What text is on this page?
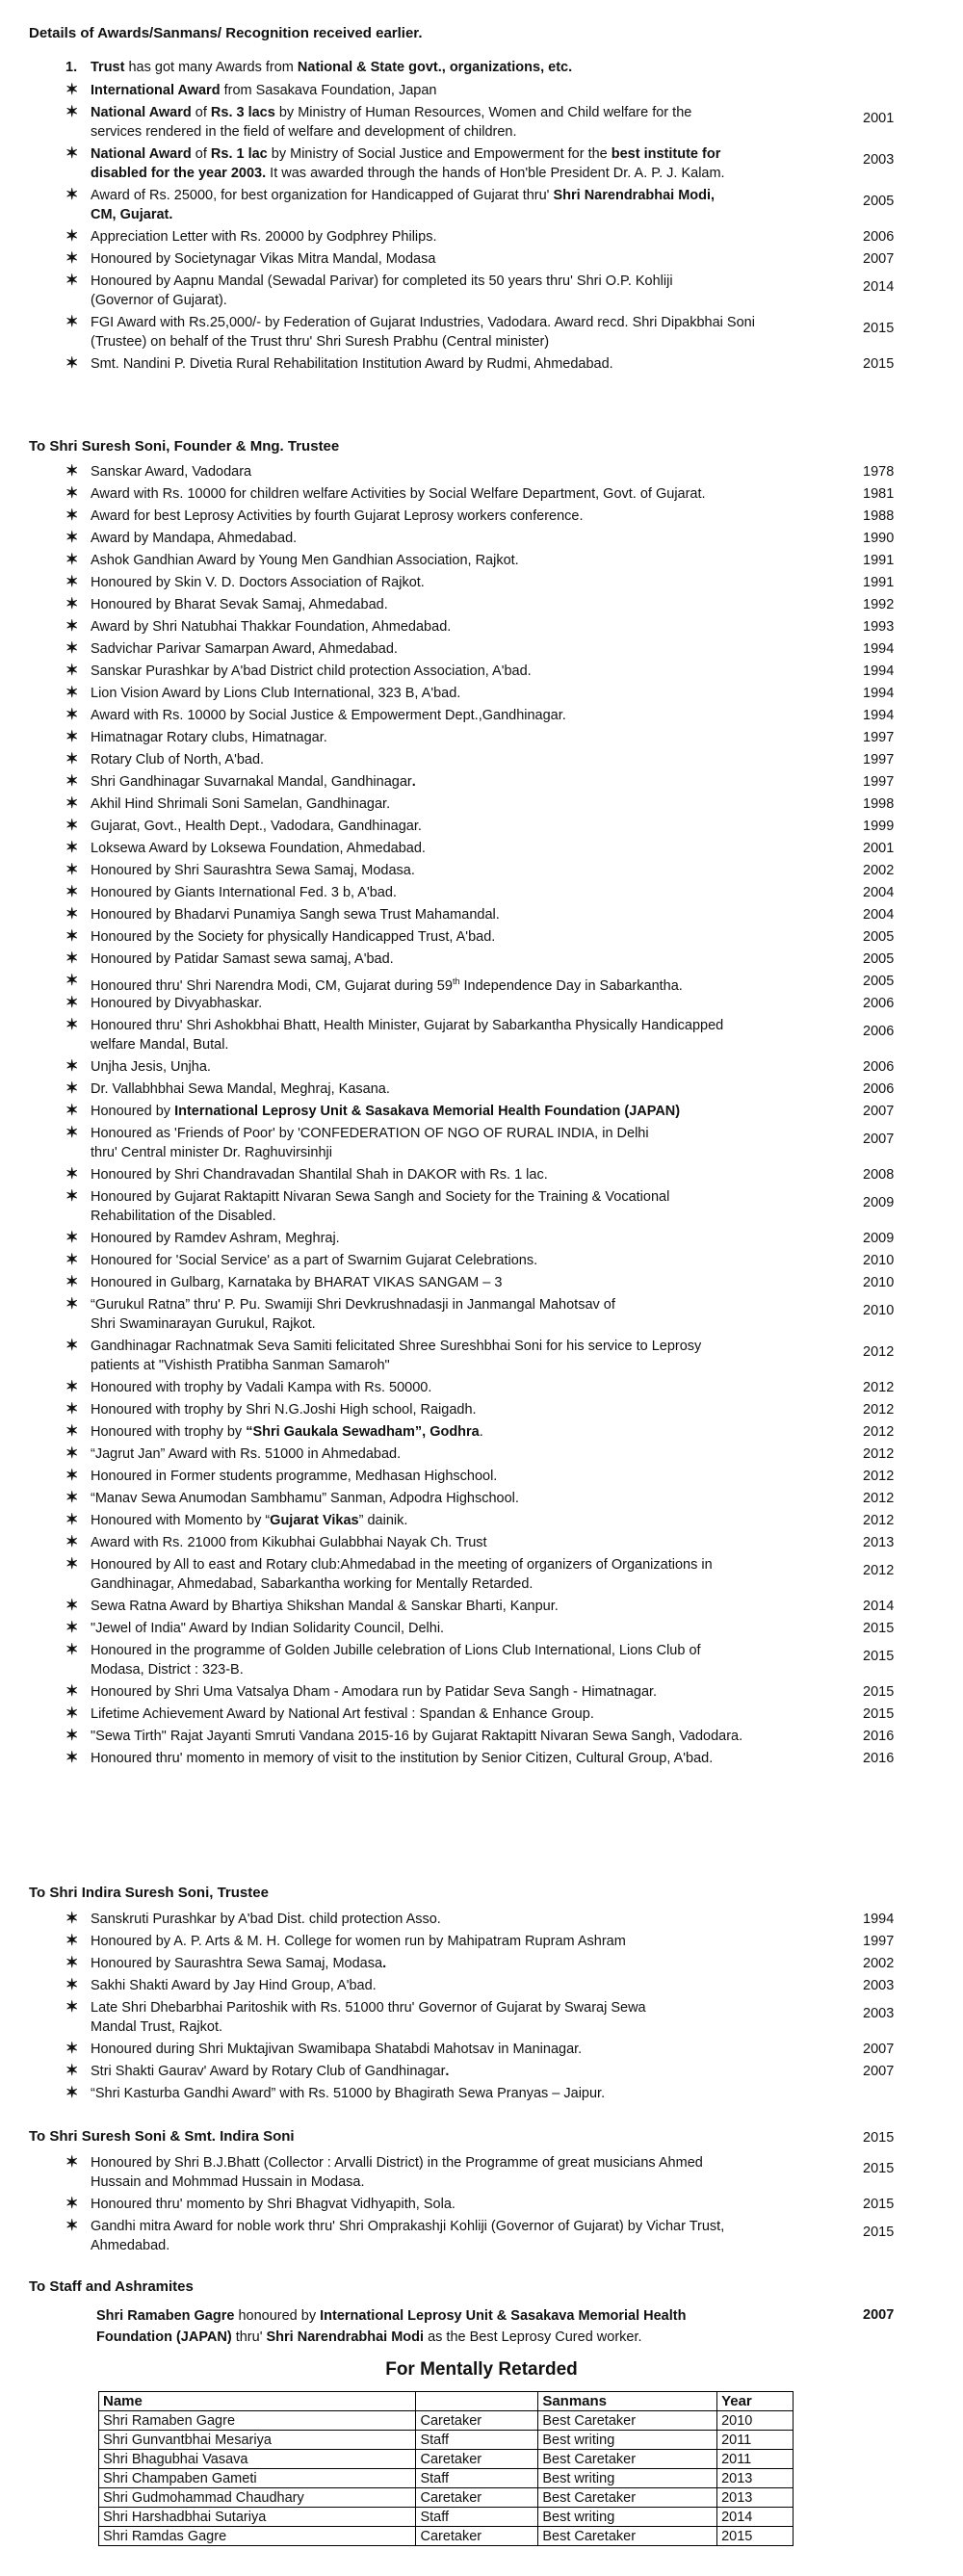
Details of Awards/Sanmans/ Recognition received earlier.
1. Trust has got many Awards from National & State govt., organizations, etc.
✶ International Award from Sasakava Foundation, Japan
✶ National Award of Rs. 3 lacs by Ministry of Human Resources, Women and Child welfare for the
services rendered in the field of welfare and development of children.
2001
✶ National Award of Rs. 1 lac by Ministry of Social Justice and Empowerment for the best institute for
disabled for the year 2003. It was awarded through the hands of Hon'ble President Dr. A. P. J. Kalam.
2003
✶ Award of Rs. 25000, for best organization for Handicapped of Gujarat thru' Shri Narendrabhai Modi,
CM, Gujarat.
2005
✶ Appreciation Letter with Rs. 20000 by Godphrey Philips.	2006
✶ Honoured by Societynagar Vikas Mitra Mandal, Modasa	2007
✶ Honoured by Aapnu Mandal (Sewadal Parivar) for completed its 50 years thru' Shri O.P. Kohliji
(Governor of Gujarat).
2014
✶ FGI Award with Rs.25,000/- by Federation of Gujarat Industries, Vadodara. Award recd. Shri Dipakbhai Soni
(Trustee) on behalf of the Trust thru' Shri Suresh Prabhu (Central minister)
2015
✶ Smt. Nandini P. Divetia Rural Rehabilitation Institution Award by Rudmi, Ahmedabad.	2015
To Shri Suresh Soni, Founder & Mng. Trustee
✶ Sanskar Award, Vadodara	1978
✶ Award with Rs. 10000 for children welfare Activities by Social Welfare Department, Govt. of Gujarat.	1981
✶ Award for best Leprosy Activities by fourth Gujarat Leprosy workers conference.	1988
✶ Award by Mandapa, Ahmedabad.	1990
✶ Ashok Gandhian Award by Young Men Gandhian Association, Rajkot.	1991
✶ Honoured by Skin V. D. Doctors Association of Rajkot.	1991
✶ Honoured by Bharat Sevak Samaj, Ahmedabad.	1992
✶ Award by Shri Natubhai Thakkar Foundation, Ahmedabad.	1993
✶ Sadvichar Parivar Samarpan Award, Ahmedabad.	1994
✶ Sanskar Purashkar by A'bad District child protection Association, A'bad.	1994
✶ Lion Vision Award by Lions Club International, 323 B, A'bad.	1994
✶ Award with Rs. 10000 by Social Justice & Empowerment Dept.,Gandhinagar.	1994
✶ Himatnagar Rotary clubs, Himatnagar.	1997
✶ Rotary Club of North, A'bad.	1997
✶ Shri Gandhinagar Suvarnakal Mandal, Gandhinagar.	1997
✶ Akhil Hind Shrimali Soni Samelan, Gandhinagar.	1998
✶ Gujarat, Govt., Health Dept., Vadodara, Gandhinagar.	1999
✶ Loksewa Award by Loksewa Foundation, Ahmedabad.	2001
✶ Honoured by Shri Saurashtra Sewa Samaj, Modasa.	2002
✶ Honoured by Giants International Fed. 3 b, A'bad.	2004
✶ Honoured by Bhadarvi Punamiya Sangh sewa Trust Mahamandal.	2004
✶ Honoured by the Society for physically Handicapped Trust, A'bad.	2005
✶ Honoured by Patidar Samast sewa samaj, A'bad.	2005
✶ Honoured thru' Shri Narendra Modi, CM, Gujarat during 59th Independence Day in Sabarkantha.	2005
✶ Honoured by Divyabhaskar.	2006
✶ Honoured thru' Shri Ashokbhai Bhatt, Health Minister, Gujarat by Sabarkantha Physically Handicapped
welfare Mandal, Butal.
2006
✶ Unjha Jesis, Unjha.	2006
✶ Dr. Vallabhbhai Sewa Mandal, Meghraj, Kasana.	2006
✶ Honoured by International Leprosy Unit & Sasakava Memorial Health Foundation (JAPAN)	2007
✶ Honoured as 'Friends of Poor' by 'CONFEDERATION OF NGO OF RURAL INDIA, in Delhi
thru' Central minister Dr. Raghuvirsinhji
2007
✶ Honoured by Shri Chandravadan Shantilal Shah in DAKOR with Rs. 1 lac.	2008
✶ Honoured by Gujarat Raktapitt Nivaran Sewa Sangh and Society for the Training & Vocational
Rehabilitation of the Disabled.
2009
✶ Honoured by Ramdev Ashram, Meghraj.	2009
✶ Honoured for 'Social Service' as a part of Swarnim Gujarat Celebrations.	2010
✶ Honoured in Gulbarg, Karnataka by BHARAT VIKAS SANGAM – 3	2010
✶ “Gurukul Ratna” thru' P. Pu. Swamiji Shri Devkrushnadasji in Janmangal Mahotsav of
Shri Swaminarayan Gurukul, Rajkot.
2010
✶ Gandhinagar Rachnatmak Seva Samiti felicitated Shree Sureshbhai Soni for his service to Leprosy
patients at "Vishisth Pratibha Sanman Samaroh"
2012
✶ Honoured with trophy by Vadali Kampa with Rs. 50000.	2012
✶ Honoured with trophy by Shri N.G.Joshi High school, Raigadh.	2012
✶ Honoured with trophy by “Shri Gaukala Sewadham”, Godhra.	2012
✶ “Jagrut Jan” Award with Rs. 51000 in Ahmedabad.	2012
✶ Honoured in Former students programme, Medhasan Highschool.	2012
✶ “Manav Sewa Anumodan Sambhamu” Sanman, Adpodra Highschool.	2012
✶ Honoured with Momento by “Gujarat Vikas” dainik.	2012
✶ Award with Rs. 21000 from Kikubhai Gulabbhai Nayak Ch. Trust	2013
✶ Honoured by All to east and Rotary club:Ahmedabad in the meeting of organizers of Organizations in
Gandhinagar, Ahmedabad, Sabarkantha working for Mentally Retarded.
2012
✶ Sewa Ratna Award by Bhartiya Shikshan Mandal & Sanskar Bharti, Kanpur.	2014
✶ "Jewel of India" Award by Indian Solidarity Council, Delhi.	2015
✶ Honoured in the programme of Golden Jubille celebration of Lions Club International, Lions Club of
Modasa, District : 323-B.
2015
✶ Honoured by Shri Uma Vatsalya Dham - Amodara run by Patidar Seva Sangh - Himatnagar.	2015
✶ Lifetime Achievement Award by National Art festival : Spandan & Enhance Group.	2015
✶ "Sewa Tirth" Rajat Jayanti Smruti Vandana 2015-16 by Gujarat Raktapitt Nivaran Sewa Sangh, Vadodara.	2016
✶ Honoured thru' momento in memory of visit to the institution by Senior Citizen, Cultural Group, A'bad.	2016
To Shri Indira Suresh Soni, Trustee
✶ Sanskruti Purashkar by A'bad Dist. child protection Asso.	1994
✶ Honoured by A. P. Arts & M. H. College for women run by Mahipatram Rupram Ashram	1997
✶ Honoured by Saurashtra Sewa Samaj, Modasa.	2002
✶ Sakhi Shakti Award by Jay Hind Group, A'bad.	2003
✶ Late Shri Dhebarbhai Paritoshik with Rs. 51000 thru' Governor of Gujarat by Swaraj Sewa
Mandal Trust, Rajkot.
2003
✶ Honoured during Shri Muktajivan Swamibapa Shatabdi Mahotsav in Maninagar.	2007
✶ Stri Shakti Gaurav' Award by Rotary Club of Gandhinagar.	2007
✶ “Shri Kasturba Gandhi Award” with Rs. 51000 by Bhagirath Sewa Pranyas – Jaipur.
To Shri Suresh Soni & Smt. Indira Soni	2015
✶ Honoured by Shri B.J.Bhatt (Collector : Arvalli District) in the Programme of great musicians Ahmed
Hussain and Mohmmad Hussain in Modasa.
2015
✶ Honoured thru' momento by Shri Bhagvat Vidhyapith, Sola.	2015
✶ Gandhi mitra Award for noble work thru' Shri Omprakashji Kohliji (Governor of Gujarat) by Vichar Trust,
Ahmedabad.
2015
To Staff and Ashramites
Shri Ramaben Gagre honoured by International Leprosy Unit & Sasakava Memorial Health
Foundation (JAPAN) thru' Shri Narendrabhai Modi as the Best Leprosy Cured worker.
2007
For Mentally Retarded
Name		Sanmans	Year
Shri Ramaben Gagre	Caretaker	Best Caretaker	2010
Shri Gunvantbhai Mesariya	Staff	Best writing	2011
Shri Bhagubhai Vasava	Caretaker	Best Caretaker	2011
Shri Champaben Gameti	Staff	Best writing	2013
Shri Gudmohammad Chaudhary	Caretaker	Best Caretaker	2013
Shri Harshadbhai Sutariya	Staff	Best writing	2014
Shri Ramdas Gagre	Caretaker	Best Caretaker	2015
